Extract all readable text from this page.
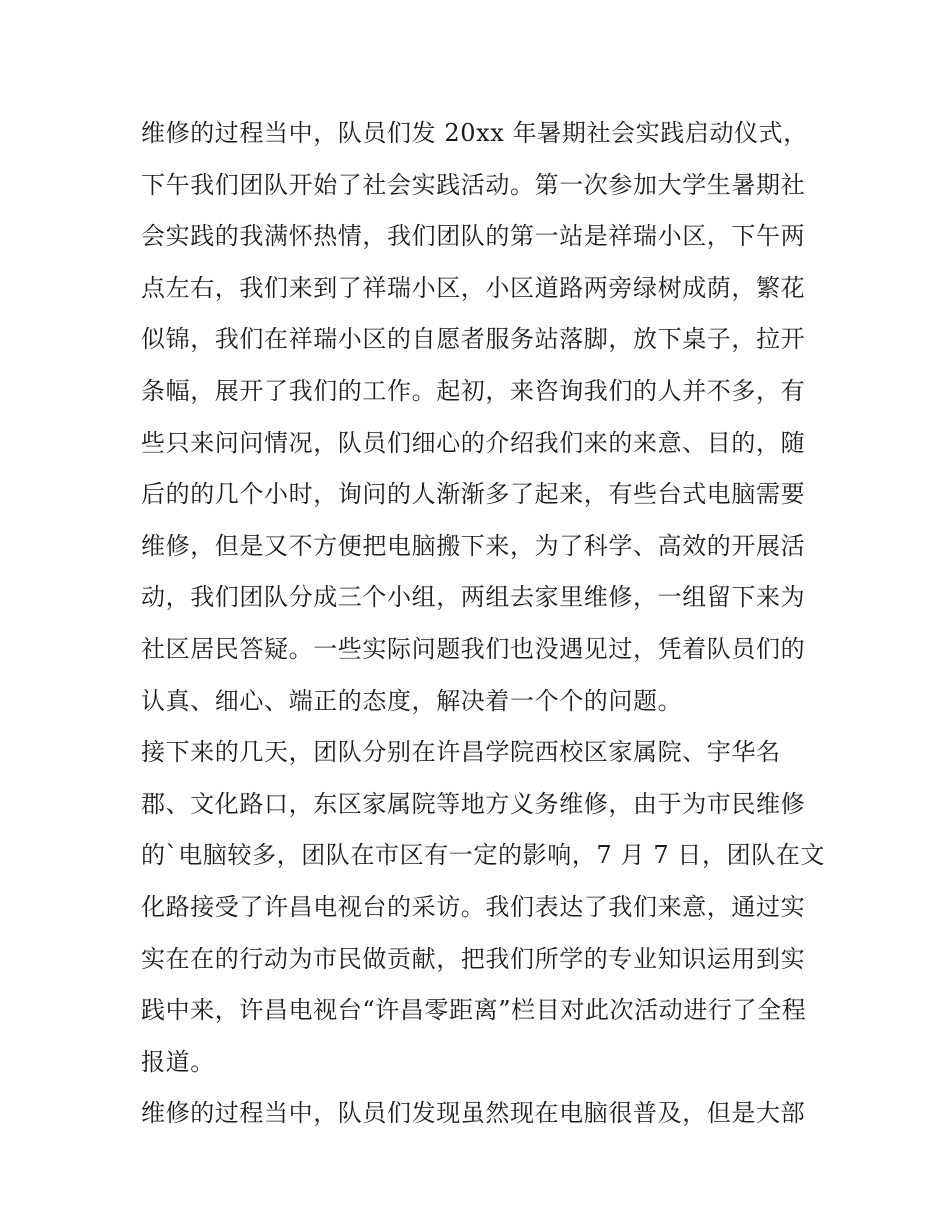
维修的过程当中，队员们发 20xx 年暑期社会实践启动仪式，
下午我们团队开始了社会实践活动。第一次参加大学生暑期社
会实践的我满怀热情，我们团队的第一站是祥瑞小区，下午两
点左右，我们来到了祥瑞小区，小区道路两旁绿树成荫，繁花
似锦，我们在祥瑞小区的自愿者服务站落脚，放下桌子，拉开
条幅，展开了我们的工作。起初，来咨询我们的人并不多，有
些只来问问情况，队员们细心的介绍我们来的来意、目的，随
后的的几个小时，询问的人渐渐多了起来，有些台式电脑需要
维修，但是又不方便把电脑搬下来，为了科学、高效的开展活
动，我们团队分成三个小组，两组去家里维修，一组留下来为
社区居民答疑。一些实际问题我们也没遇见过，凭着队员们的
认真、细心、端正的态度，解决着一个个的问题。
接下来的几天，团队分别在许昌学院西校区家属院、宇华名
郡、文化路口，东区家属院等地方义务维修，由于为市民维修
的`电脑较多，团队在市区有一定的影响，7 月 7 日，团队在文
化路接受了许昌电视台的采访。我们表达了我们来意，通过实
实在在的行动为市民做贡献，把我们所学的专业知识运用到实
践中来，许昌电视台“许昌零距离”栏目对此次活动进行了全程
报道。
维修的过程当中，队员们发现虽然现在电脑很普及，但是大部
